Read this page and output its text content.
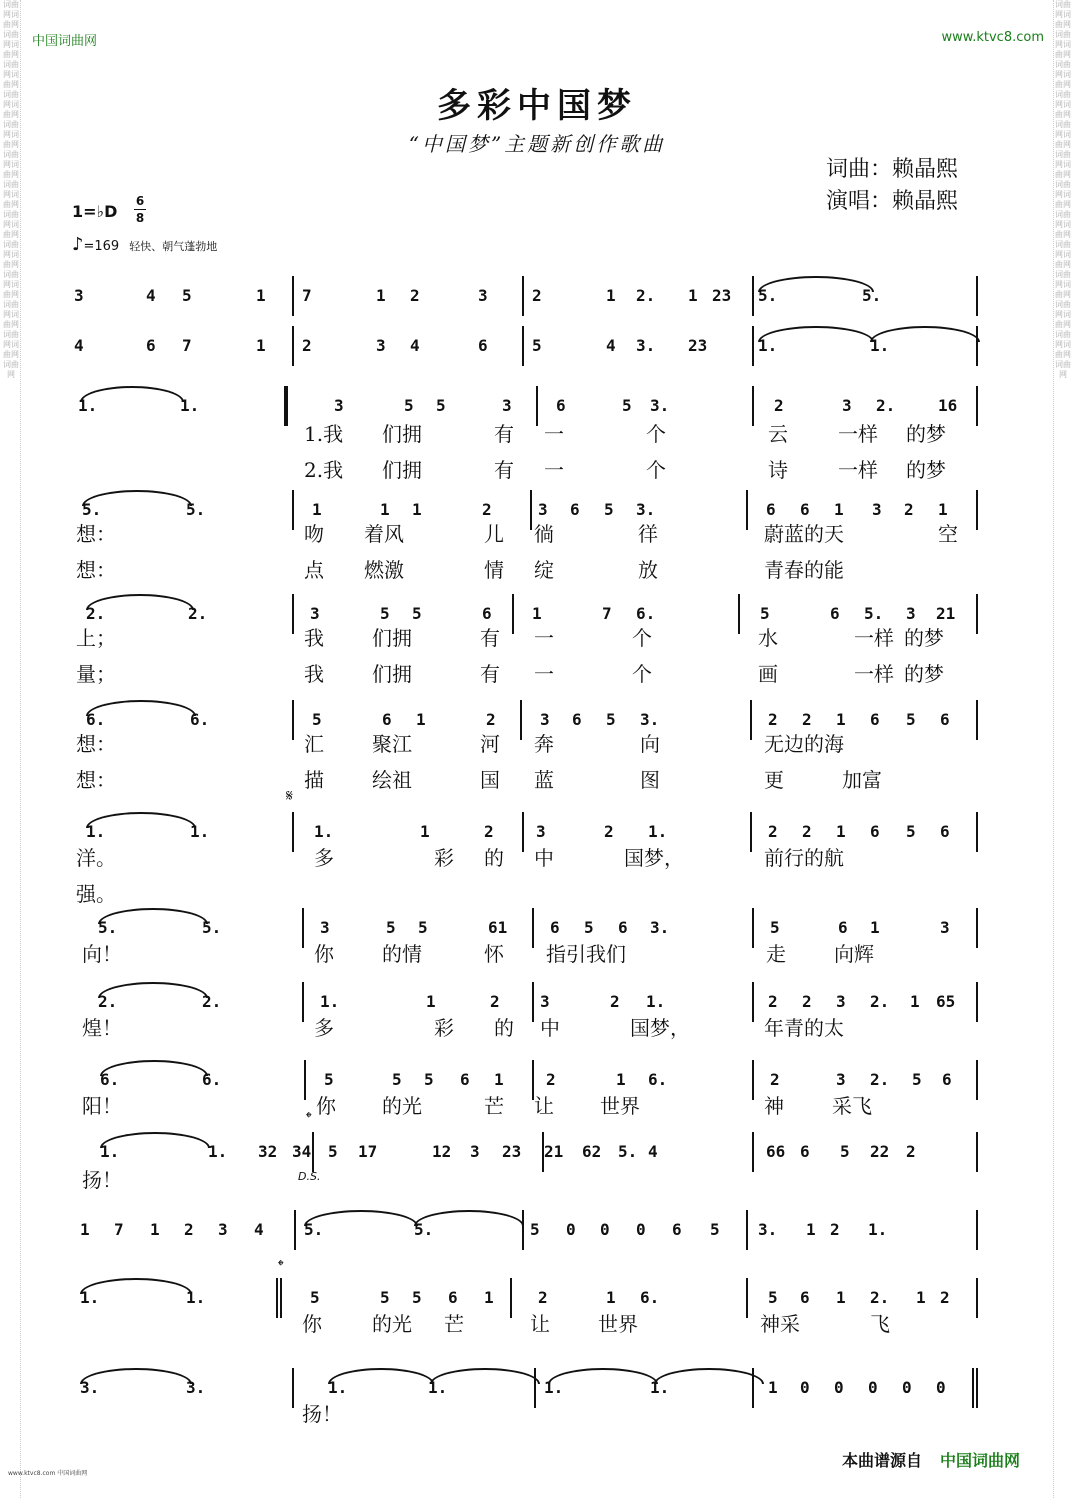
中国词曲网	www.ktvc8.com
词曲网词曲网词曲网词曲网词曲网词曲网词曲网词曲网词曲网词曲网词曲网词曲网词曲网词曲网词曲网词曲网词曲网词曲网词曲网词曲网词曲网词曲网词曲网词曲网词曲网
词曲网词曲网词曲网词曲网词曲网词曲网词曲网词曲网词曲网词曲网词曲网词曲网词曲网词曲网词曲网词曲网词曲网词曲网词曲网词曲网词曲网词曲网词曲网词曲网词曲网
多彩中国梦
“中国梦”主题新创作歌曲
词曲：赖晶熙
演唱：赖晶熙
1=♭D
6
8
♪=169 轻快、朝气蓬勃地
3	4 5	1 7	1 2	3	2	1 2. 1 23 5.	5.
4	6 7	1 2	3 4	6	5	4 3. 23	1.	1.
1.	1.	3	5 5	3	6	5 3.	2	3 2.	16
1.我 们拥	有 一	个	云	一样 的梦
2.我 们拥	有 一	个	诗	一样 的梦
5.	5.	1	1 1	2	3 6 5 3.	6 6 1 3 2 1
想：	吻 着风	儿 徜	徉	蔚蓝的天	空
想：	点 燃激	情 绽	放	青春的能
2.	2.	3	5 5	6	1	7 6.	5	6 5. 3 21
上；	我 们拥	有 一	个	水	一样 的梦
量；	我 们拥	有 一	个	画	一样 的梦
6.	6.	5	6 1	2	3 6 5 3.	2 2 1 6 5 6
想：	汇 聚江	河 奔	向	无边的海
想：	描 绘祖	国 蓝	图	更	加富
𝄋
1.	1.	1.	1	2	3	2 1.	2 2 1 6 5 6
洋。	多	彩 的 中	国梦，	前行的航
强。
5.	5.	3	5 5	61	6 5 6 3.	5	6 1	3
向！	你 的情	怀 指引我们	走 向辉
2.	2.	1.	1	2	3	2 1.	2 2 3 2. 1 65
煌！	多	彩 的 中	国梦，	年青的太
6.	6.	5	5 5 6 1	2	1 6.	2	3 2. 5 6
阳！	你 的光	芒 让 世界	神 采飞
𝄌
1.	1. 32 34 5 17	12 3 23 21 62 5. 4	66 6 5 22 2
D.S.
扬！
1 7 1 2 3 4	5.	5.	5 0 0 0 6 5 3. 1 2 1.
𝄌
1.	1.	5	5 5 6 1	2	1 6.	5 6 1 2. 1 2
你	的光 芒	让 世界	神采	飞
3.	3.	1.	1.	1.	1.	1 0 0 0 0 0
扬！
本曲谱源自 中国词曲网
www.ktvc8.com 中国词曲网
